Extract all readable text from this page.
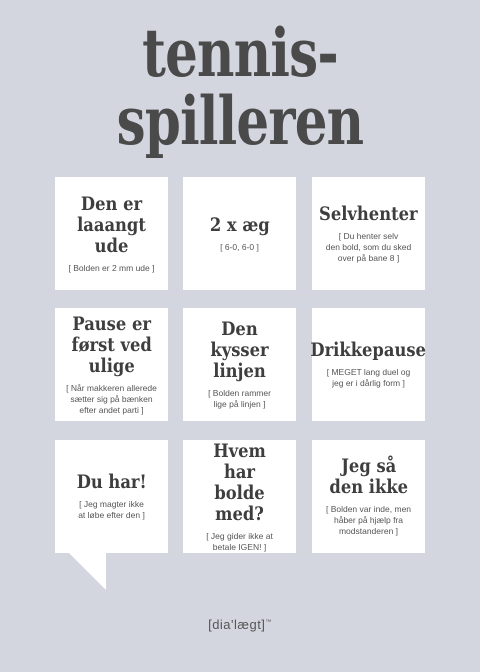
tennis-
spilleren
Den er
laaangt ude
[ Bolden er 2 mm ude ]
2 x æg
[ 6-0, 6-0 ]
Selvhenter
[ Du henter selv
den bold, som du sked
over på bane 8 ]
Pause er
først ved
ulige
[ Når makkeren allerede
sætter sig på bænken
efter andet parti ]
Den kysser
linjen
[ Bolden rammer
lige på linjen ]
Drikkepause
[ MEGET lang duel og
jeg er i dårlig form ]
Du har!
[ Jeg magter ikke
at løbe efter den ]
Hvem har
bolde med?
[ Jeg gider ikke at
betale IGEN! ]
Jeg så
den ikke
[ Bolden var inde, men
håber på hjælp fra
modstanderen ]
[dia'lægt]™
